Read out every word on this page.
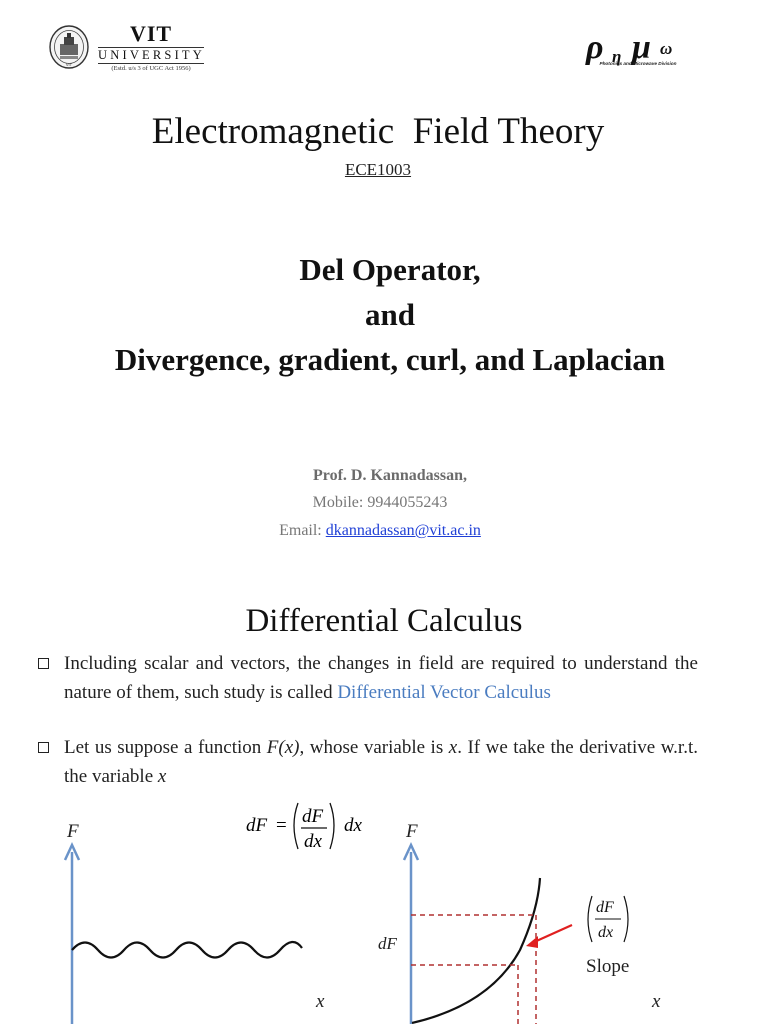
VIT
VIT
UNIVERSITY
(Estd. u/s 3 of UGC Act 1956)
ρ η μ ω
Photonics and Microwave Division
Electromagnetic  Field Theory
ECE1003
Del Operator,
and
Divergence, gradient, curl, and Laplacian
Prof. D. Kannadassan,
Mobile: 9944055243
Email: dkannadassan@vit.ac.in
Differential Calculus
Including scalar and vectors, the changes in field are required to understand the nature of them, such study is called Differential Vector Calculus
Let us suppose a function F(x), whose variable is x. If we take the derivative w.r.t. the variable x
dF = dF
dx
dx
F
x
F
dF
dF
dx
Slope
x
